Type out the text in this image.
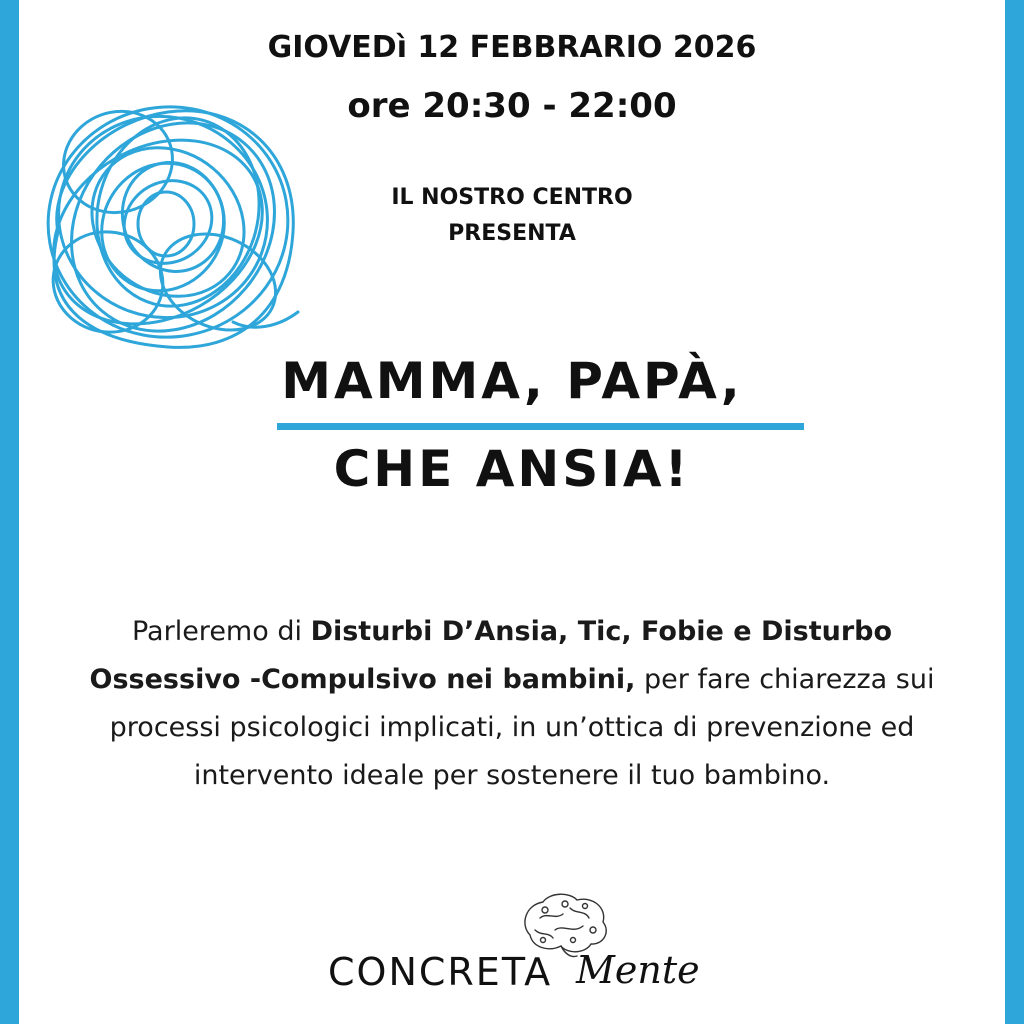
GIOVEDì 12 FEBBRARIO 2026
ore 20:30 - 22:00
IL NOSTRO CENTRO
PRESENTA
MAMMA, PAPÀ,
CHE ANSIA!
Parleremo di Disturbi D’Ansia, Tic, Fobie e Disturbo Ossessivo -Compulsivo nei bambini, per fare chiarezza sui processi psicologici implicati, in un’ottica di prevenzione ed intervento ideale per sostenere il tuo bambino.
CONCRETA Mente
